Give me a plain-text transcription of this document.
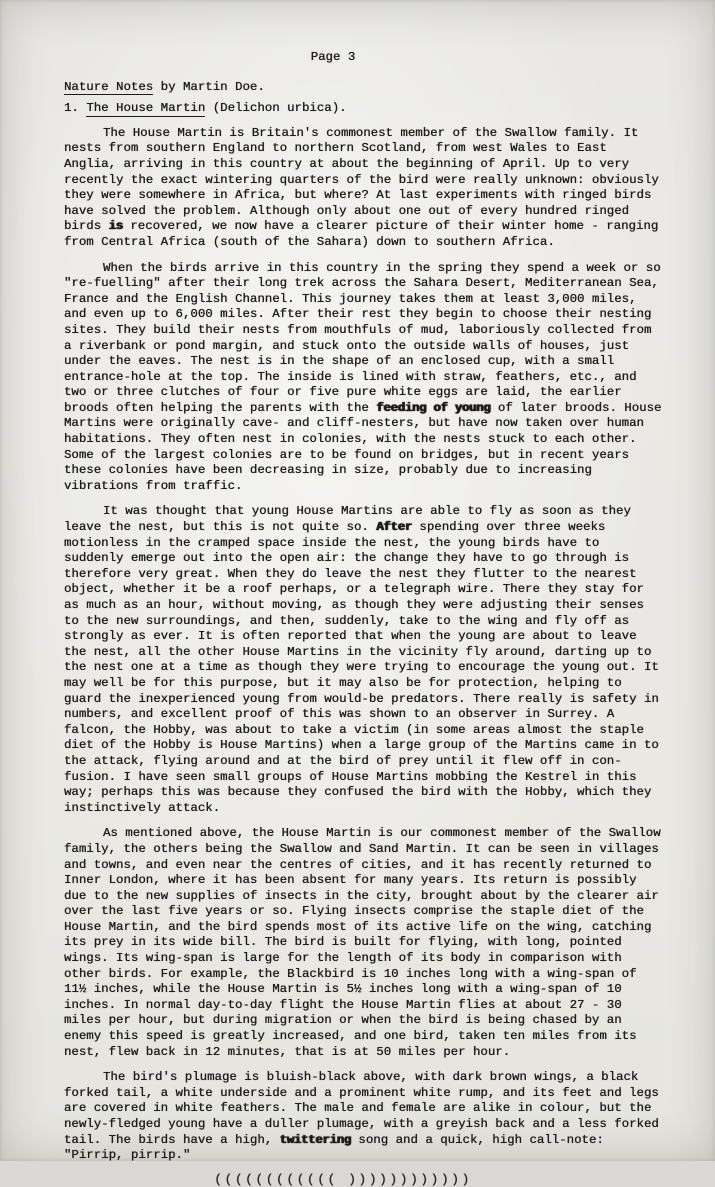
Page 3

Nature Notes by Martin Doe.

1. The House Martin (Delichon urbica).

The House Martin is Britain's commonest member of the Swallow family. It nests from southern England to northern Scotland, from west Wales to East Anglia, arriving in this country at about the beginning of April. Up to very recently the exact wintering quarters of the bird were really unknown: obviously they were somewhere in Africa, but where? At last experiments with ringed birds have solved the problem. Although only about one out of every hundred ringed birds is recovered, we now have a clearer picture of their winter home - ranging from Central Africa (south of the Sahara) down to southern Africa.

When the birds arrive in this country in the spring they spend a week or so "re-fuelling" after their long trek across the Sahara Desert, Mediterranean Sea, France and the English Channel. This journey takes them at least 3,000 miles, and even up to 6,000 miles. After their rest they begin to choose their nesting sites. They build their nests from mouthfuls of mud, laboriously collected from a riverbank or pond margin, and stuck onto the outside walls of houses, just under the eaves. The nest is in the shape of an enclosed cup, with a small entrance-hole at the top. The inside is lined with straw, feathers, etc., and two or three clutches of four or five pure white eggs are laid, the earlier broods often helping the parents with the feeding of young of later broods. House Martins were originally cave- and cliff-nesters, but have now taken over human habitations. They often nest in colonies, with the nests stuck to each other. Some of the largest colonies are to be found on bridges, but in recent years these colonies have been decreasing in size, probably due to increasing vibrations from traffic.

It was thought that young House Martins are able to fly as soon as they leave the nest, but this is not quite so. After spending over three weeks motionless in the cramped space inside the nest, the young birds have to suddenly emerge out into the open air: the change they have to go through is therefore very great. When they do leave the nest they flutter to the nearest object, whether it be a roof perhaps, or a telegraph wire. There they stay for as much as an hour, without moving, as though they were adjusting their senses to the new surroundings, and then, suddenly, take to the wing and fly off as strongly as ever. It is often reported that when the young are about to leave the nest, all the other House Martins in the vicinity fly around, darting up to the nest one at a time as though they were trying to encourage the young out. It may well be for this purpose, but it may also be for protection, helping to guard the inexperienced young from would-be predators. There really is safety in numbers, and excellent proof of this was shown to an observer in Surrey. A falcon, the Hobby, was about to take a victim (in some areas almost the staple diet of the Hobby is House Martins) when a large group of the Martins came in to the attack, flying around and at the bird of prey until it flew off in con- fusion. I have seen small groups of House Martins mobbing the Kestrel in this way; perhaps this was because they confused the bird with the Hobby, which they instinctively attack.

As mentioned above, the House Martin is our commonest member of the Swallow family, the others being the Swallow and Sand Martin. It can be seen in villages and towns, and even near the centres of cities, and it has recently returned to Inner London, where it has been absent for many years. Its return is possibly due to the new supplies of insects in the city, brought about by the clearer air over the last five years or so. Flying insects comprise the staple diet of the House Martin, and the bird spends most of its active life on the wing, catching its prey in its wide bill. The bird is built for flying, with long, pointed wings. Its wing-span is large for the length of its body in comparison with other birds. For example, the Blackbird is 10 inches long with a wing-span of 11½ inches, while the House Martin is 5½ inches long with a wing-span of 10 inches. In normal day-to-day flight the House Martin flies at about 27 - 30 miles per hour, but during migration or when the bird is being chased by an enemy this speed is greatly increased, and one bird, taken ten miles from its nest, flew back in 12 minutes, that is at 50 miles per hour.

The bird's plumage is bluish-black above, with dark brown wings, a black forked tail, a white underside and a prominent white rump, and its feet and legs are covered in white feathers. The male and female are alike in colour, but the newly-fledged young have a duller plumage, with a greyish back and a less forked tail. The birds have a high, twittering song and a quick, high call-note: "Pirrip, pirrip."

(((((((((((( ))))))))))))
